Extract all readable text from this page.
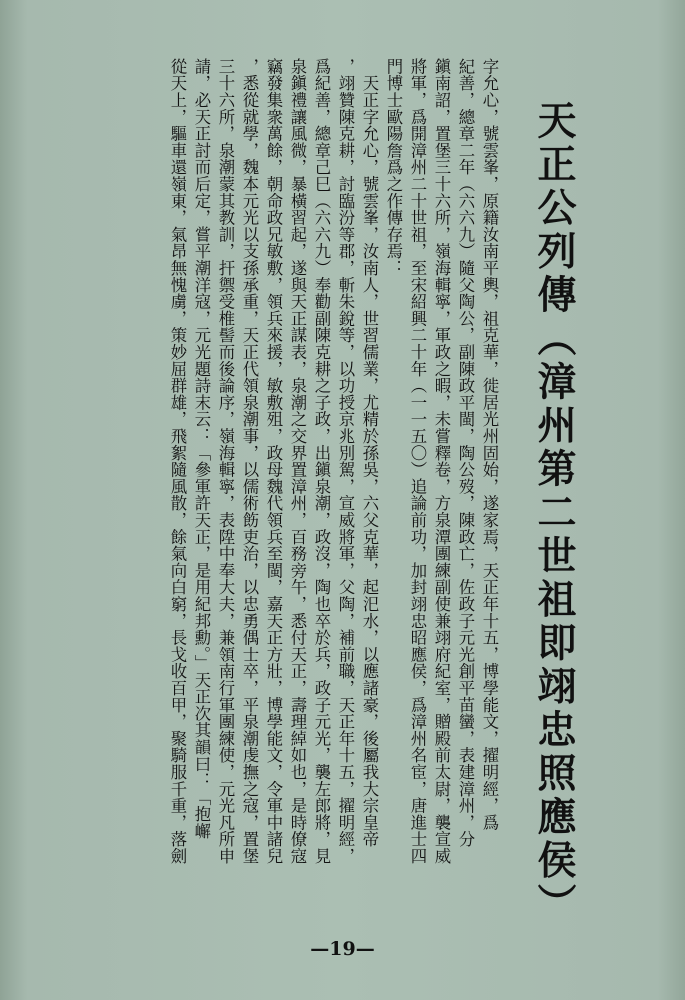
天正公列傳（漳州第二世祖即翊忠照應侯）
字允心，號雲峯，原籍汝南平輿，祖克華，徙居光州固始，遂家焉，天正年十五，博學能文，擢明經，爲
紀善，總章二年（六六九）隨父陶公，副陳政平閩，陶公歿，陳政亡，佐政子元光創平苗蠻，表建漳州，分
鎭南詔，置堡三十六所，嶺海輯寧，軍政之暇，未嘗釋卷，方泉潭團練副使兼翊府紀室，贈殿前太尉，襲宣威
將軍，爲開漳州二十世祖，至宋紹興二十年（一一五〇）追論前功，加封翊忠昭應侯，爲漳州名宦，唐進士四
門博士歐陽詹爲之作傳存焉：
　天正字允心，號雲峯，汝南人，世習儒業，尤精於孫吳，六父克華，起汜水，以應諸豪，後屬我大宗皇帝
，翊贊陳克耕，討臨汾等郡，斬朱銳等，以功授京兆別駕，宣威將軍，父陶，補前職，天正年十五，擢明經，
爲紀善，總章己巳（六六九）奉勸副陳克耕之子政，出鎭泉潮，政沒，陶也卒於兵，政子元光，襲左郎將，見
泉鎭禮讓風微，暴橫習起，遂與天正謀表，泉潮之交界置漳州，百務旁午，悉付天正，壽理綽如也，是時僚寇
竊發集衆萬餘，朝命政兄敏敷，領兵來援，敏敷殂，政母魏代領兵至閩，嘉天正方壯，博學能文，令軍中諸兒
，悉從就學，魏本元光以支孫承重，天正代領泉潮事，以儒術飭吏治，以忠勇偶士卒，平泉潮虔撫之寇，置堡
三十六所，泉潮蒙其教訓，扞禦受椎髻而後論序，嶺海輯寧，表陞中奉大夫，兼領南行軍團練使，元光凡所申
請，必天正討而后定，嘗平潮洋寇，元光題詩末云：「參軍許天正，是用紀邦勳。」天正次其韻曰：「抱嶰
從天上，驅車還嶺東，氣昂無愧虜，策妙屈群雄，飛絮隨風散，餘氣向白窮，長戈收百甲，聚騎服千重，落劍
—19—
